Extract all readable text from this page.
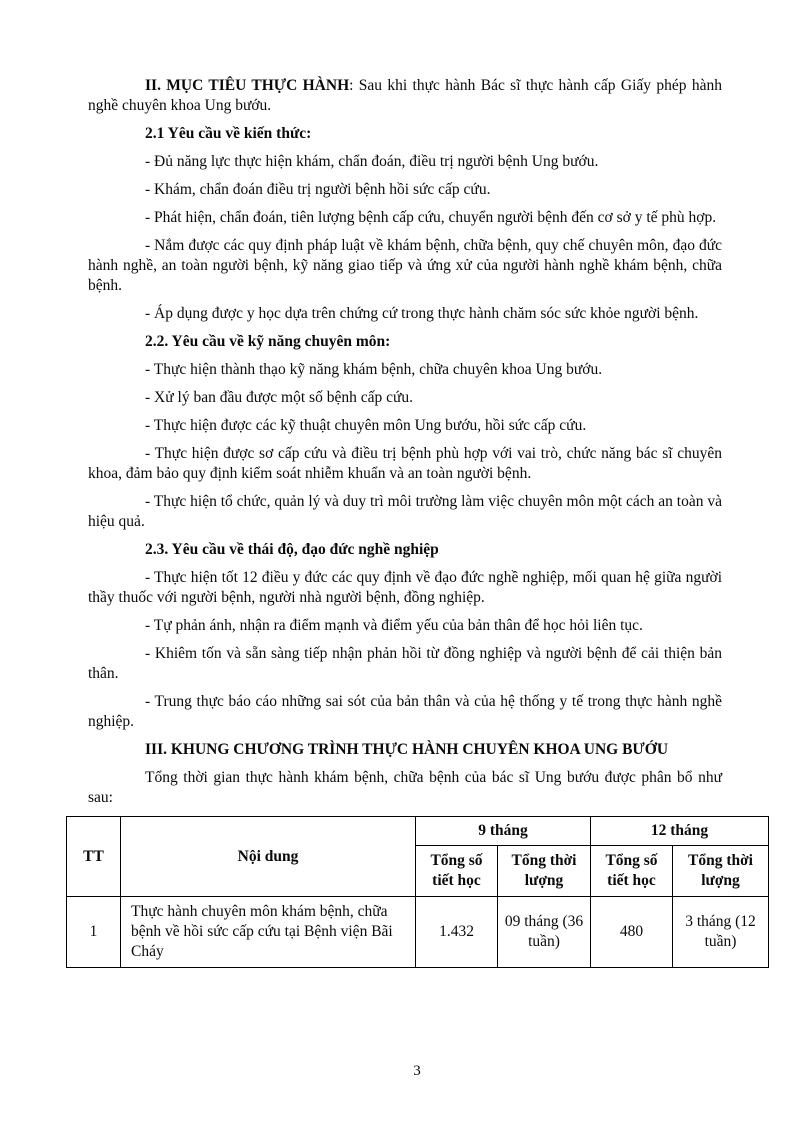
II. MỤC TIÊU THỰC HÀNH: Sau khi thực hành Bác sĩ thực hành cấp Giấy phép hành nghề chuyên khoa Ung bướu.

2.1 Yêu cầu về kiến thức:

- Đủ năng lực thực hiện khám, chẩn đoán, điều trị người bệnh Ung bướu.

- Khám, chẩn đoán điều trị người bệnh hồi sức cấp cứu.

- Phát hiện, chẩn đoán, tiên lượng bệnh cấp cứu, chuyển người bệnh đến cơ sở y tế phù hợp.

- Nắm được các quy định pháp luật về khám bệnh, chữa bệnh, quy chế chuyên môn, đạo đức hành nghề, an toàn người bệnh, kỹ năng giao tiếp và ứng xử của người hành nghề khám bệnh, chữa bệnh.

- Áp dụng được y học dựa trên chứng cứ trong thực hành chăm sóc sức khỏe người bệnh.

2.2. Yêu cầu về kỹ năng chuyên môn:

- Thực hiện thành thạo kỹ năng khám bệnh, chữa chuyên khoa Ung bướu.

- Xử lý ban đầu được một số bệnh cấp cứu.

- Thực hiện được các kỹ thuật chuyên môn Ung bướu, hồi sức cấp cứu.

- Thực hiện được sơ cấp cứu và điều trị bệnh phù hợp với vai trò, chức năng bác sĩ chuyên khoa, đảm bảo quy định kiểm soát nhiễm khuẩn và an toàn người bệnh.

- Thực hiện tổ chức, quản lý và duy trì môi trường làm việc chuyên môn một cách an toàn và hiệu quả.

2.3. Yêu cầu về thái độ, đạo đức nghề nghiệp

- Thực hiện tốt 12 điều y đức các quy định về đạo đức nghề nghiệp, mối quan hệ giữa người thầy thuốc với người bệnh, người nhà người bệnh, đồng nghiệp.

- Tự phản ánh, nhận ra điểm mạnh và điểm yếu của bản thân để học hỏi liên tục.

- Khiêm tốn và sẵn sàng tiếp nhận phản hồi từ đồng nghiệp và người bệnh để cải thiện bản thân.

- Trung thực báo cáo những sai sót của bản thân và của hệ thống y tế trong thực hành nghề nghiệp.

III. KHUNG CHƯƠNG TRÌNH THỰC HÀNH CHUYÊN KHOA UNG BƯỚU

Tổng thời gian thực hành khám bệnh, chữa bệnh của bác sĩ Ung bướu được phân bổ như sau:

TT	Nội dung	9 tháng		12 tháng	
		Tổng số tiết học	Tổng thời lượng	Tổng số tiết học	Tổng thời lượng
1	Thực hành chuyên môn khám bệnh, chữa bệnh về hồi sức cấp cứu tại Bệnh viện Bãi Cháy	1.432	09 tháng (36 tuần)	480	3 tháng (12 tuần)
3
